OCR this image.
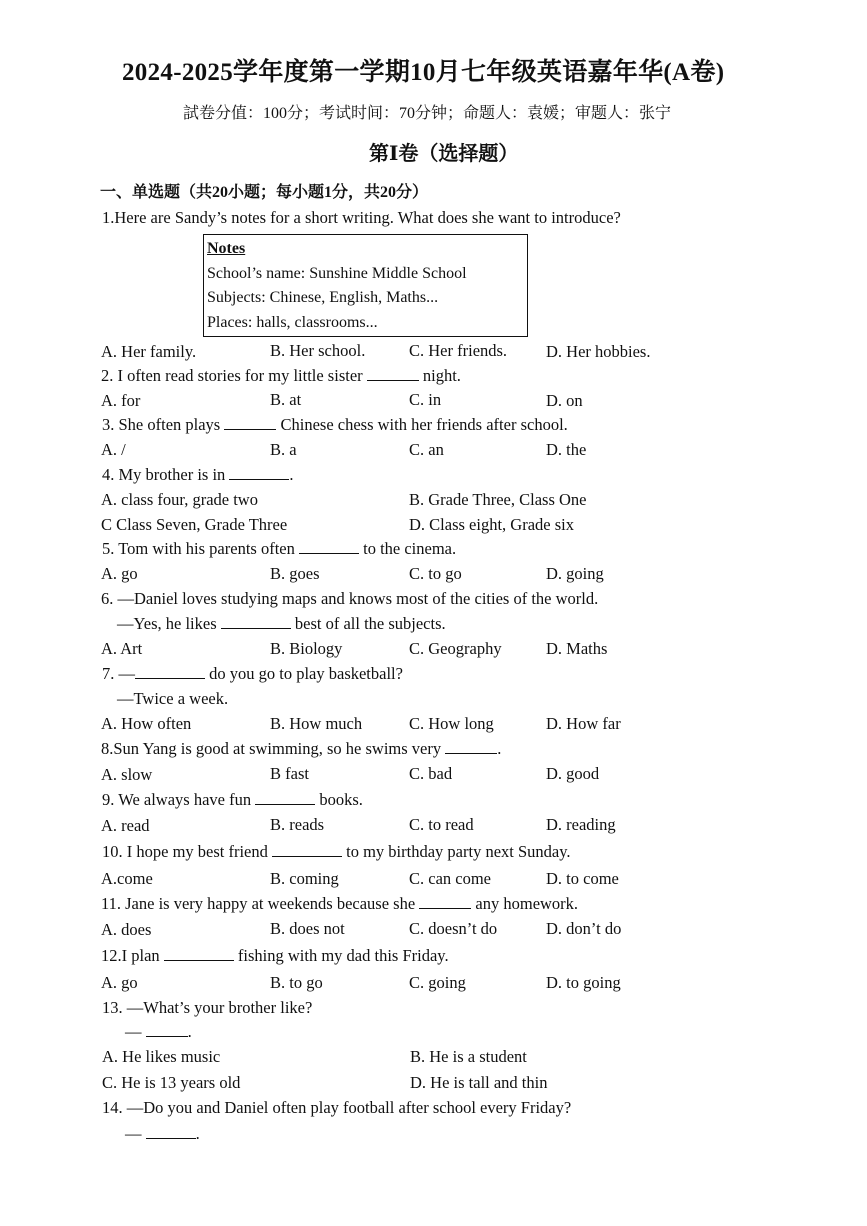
2024-2025学年度第一学期10月七年级英语嘉年华(A卷)
試卷分值：100分；考试时间：70分钟；命题人：袁媛；审题人：张宁
第Ⅰ卷（选择题）
一、单选题（共20小题；每小题1分，共20分）
1.Here are Sandy’s notes for a short writing. What does she want to introduce?
Notes
School’s name: Sunshine Middle School
Subjects: Chinese, English, Maths...
Places: halls, classrooms...
A. Her family.	B. Her school.	C. Her friends. D. Her hobbies.
2. I often read stories for my little sister	night.
A. for	B. at	C. in	D. on
3. She often plays	Chinese chess with her friends after school.
A. /	B. a	C. an	D. the
4. My brother is in	.
A. class four, grade two	B. Grade Three, Class One
C Class Seven, Grade Three	D. Class eight, Grade six
5. Tom with his parents often	to the cinema.
A. go	B. goes	C. to go	D. going
6. —Daniel loves studying maps and knows most of the cities of the world.
—Yes, he likes	best of all the subjects.
A. Art	B. Biology	C. Geography	D. Maths
7. —	do you go to play basketball?
—Twice a week.
A. How often	B. How much	C. How long	D. How far
8.Sun Yang is good at swimming, so he swims very	.
A. slow	B fast	C. bad	D. good
9. We always have fun	books.
A. read	B. reads	C. to read	D. reading
10. I hope my best friend	to my birthday party next Sunday.
A.come	B. coming	C. can come	D. to come
11. Jane is very happy at weekends because she	any homework.
A. does	B. does not	C. doesn’t do	D. don’t do
12.I plan	fishing with my dad this Friday.
A. go	B. to go	C. going	D. to going
13. —What’s your brother like?
—	.
A. He likes music	B. He is a student
C. He is 13 years old	D. He is tall and thin
14. —Do you and Daniel often play football after school every Friday?
—	.
